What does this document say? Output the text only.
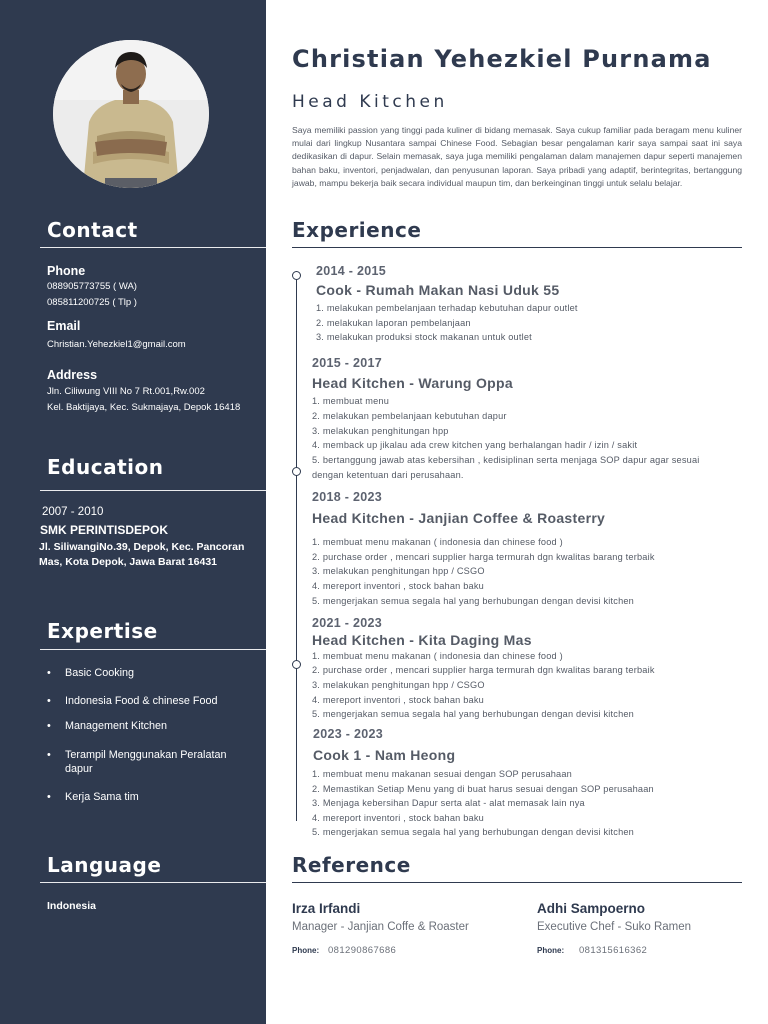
Contact
Phone
088905773755 ( WA)
085811200725 ( Tlp )
Email
Christian.Yehezkiel1@gmail.com
Address
Jln. Ciliwung VIII No 7 Rt.001,Rw.002
Kel. Baktijaya, Kec. Sukmajaya, Depok 16418
Education
2007 - 2010
SMK PERINTISDEPOK
Jl. SiliwangiNo.39, Depok, Kec. Pancoran Mas, Kota Depok, Jawa Barat 16431
Expertise
• Basic Cooking
• Indonesia Food & chinese Food
• Management Kitchen
• Terampil Menggunakan Peralatan dapur
• Kerja Sama tim
Language
Indonesia
Christian Yehezkiel Purnama
Head Kitchen
Saya memiliki passion yang tinggi pada kuliner di bidang memasak. Saya cukup familiar pada beragam menu kuliner mulai dari lingkup Nusantara sampai Chinese Food. Sebagian besar pengalaman karir saya sampai saat ini saya dedikasikan di dapur. Selain memasak, saya juga memiliki pengalaman dalam manajemen dapur seperti manajemen bahan baku, inventori, penjadwalan, dan penyusunan laporan. Saya pribadi yang adaptif, berintegritas, bertanggung jawab, mampu bekerja baik secara individual maupun tim, dan berkeinginan tinggi untuk selalu belajar.
Experience
2014 - 2015
Cook - Rumah Makan Nasi Uduk 55
1. melakukan pembelanjaan terhadap kebutuhan dapur outlet
2. melakukan laporan pembelanjaan
3. melakukan produksi stock makanan untuk outlet
2015 - 2017
Head Kitchen - Warung Oppa
1. membuat menu
2. melakukan pembelanjaan kebutuhan dapur
3. melakukan penghitungan hpp
4. memback up jikalau ada crew kitchen yang berhalangan hadir / izin / sakit
5. bertanggung jawab atas kebersihan , kedisiplinan serta menjaga SOP dapur agar sesuai
dengan ketentuan dari perusahaan.
2018 - 2023
Head Kitchen - Janjian Coffee & Roasterry
1. membuat menu makanan ( indonesia dan chinese food )
2. purchase order , mencari supplier harga termurah dgn kwalitas barang terbaik
3. melakukan penghitungan hpp / CSGO
4. mereport inventori , stock bahan baku
5. mengerjakan semua segala hal yang berhubungan dengan devisi kitchen
2021 - 2023
Head Kitchen - Kita Daging Mas
1. membuat menu makanan ( indonesia dan chinese food )
2. purchase order , mencari supplier harga termurah dgn kwalitas barang terbaik
3. melakukan penghitungan hpp / CSGO
4. mereport inventori , stock bahan baku
5. mengerjakan semua segala hal yang berhubungan dengan devisi kitchen
2023 - 2023
Cook 1 - Nam Heong
1. membuat menu makanan sesuai dengan SOP perusahaan
2. Memastikan Setiap Menu yang di buat harus sesuai dengan SOP perusahaan
3. Menjaga kebersihan Dapur serta alat - alat memasak lain nya
4. mereport inventori , stock bahan baku
5. mengerjakan semua segala hal yang berhubungan dengan devisi kitchen
Reference
Irza Irfandi
Manager - Janjian Coffe & Roaster
Phone: 081290867686
Adhi Sampoerno
Executive Chef - Suko Ramen
Phone: 081315616362
